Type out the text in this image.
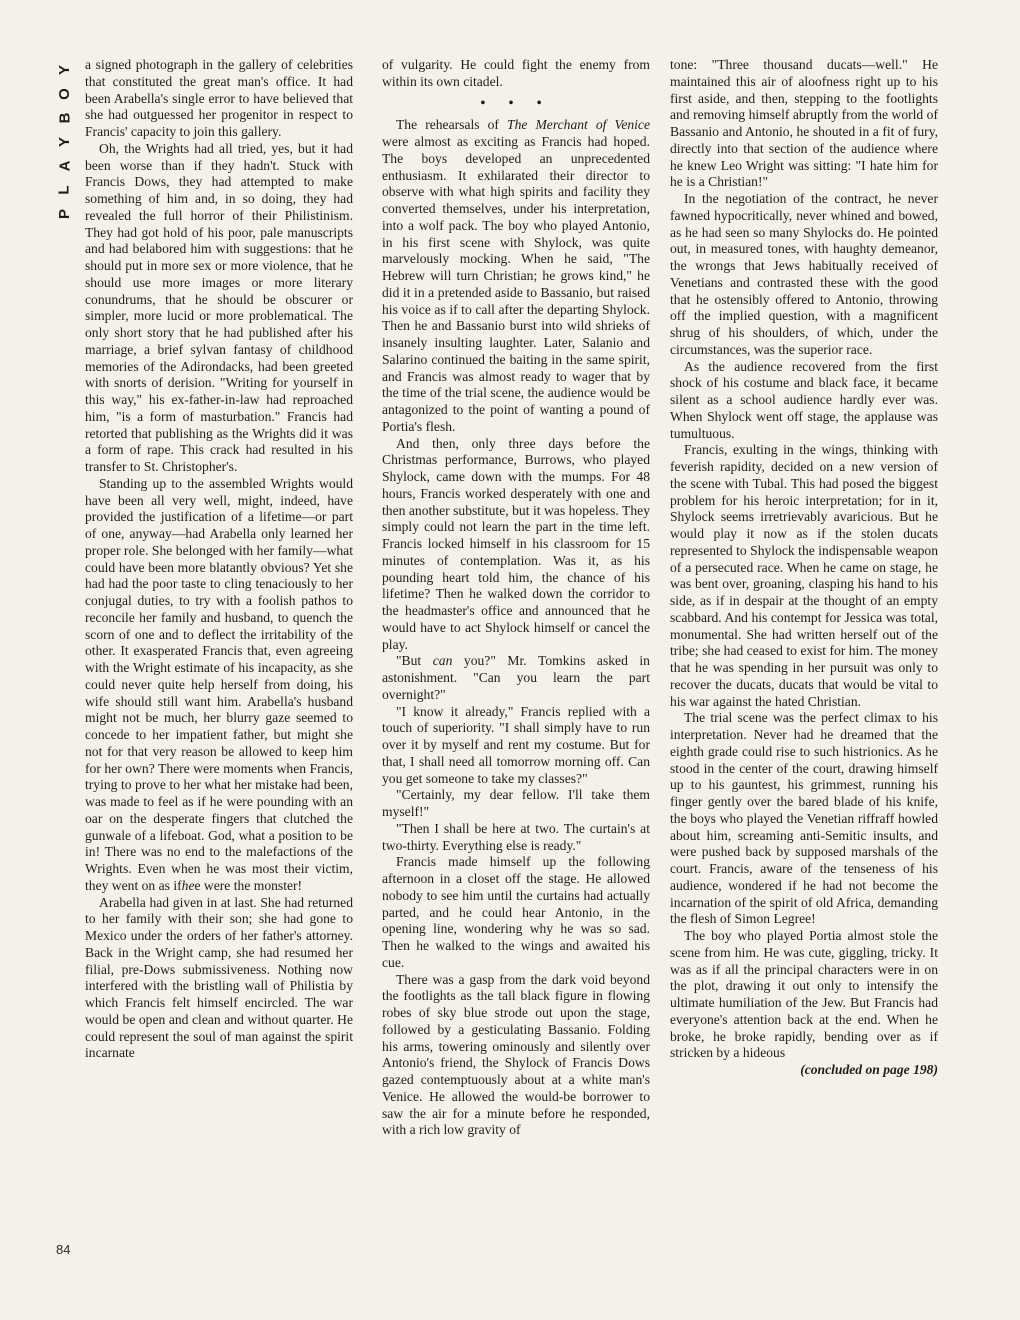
Y
O
B
Y
A
L
P

a signed photograph in the gallery of celebrities that constituted the great man's office. It had been Arabella's single error to have believed that she had outguessed her progenitor in respect to Francis' capacity to join this gallery.

Oh, the Wrights had all tried, yes, but it had been worse than if they hadn't. Stuck with Francis Dows, they had attempted to make something of him and, in so doing, they had revealed the full horror of their Philistinism. They had got hold of his poor, pale manuscripts and had belabored him with suggestions: that he should put in more sex or more violence, that he should use more images or more literary conundrums, that he should be obscurer or simpler, more lucid or more problematical. The only short story that he had published after his marriage, a brief sylvan fantasy of childhood memories of the Adirondacks, had been greeted with snorts of derision. "Writing for yourself in this way," his ex-father-in-law had reproached him, "is a form of masturbation." Francis had retorted that publishing as the Wrights did it was a form of rape. This crack had resulted in his transfer to St. Christopher's.

Standing up to the assembled Wrights would have been all very well, might, indeed, have provided the justification of a lifetime—or part of one, anyway—had Arabella only learned her proper role. She belonged with her family—what could have been more blatantly obvious? Yet she had had the poor taste to cling tenaciously to her conjugal duties, to try with a foolish pathos to reconcile her family and husband, to quench the scorn of one and to deflect the irritability of the other. It exasperated Francis that, even agreeing with the Wright estimate of his incapacity, as she could never quite help herself from doing, his wife should still want him. Arabella's husband might not be much, her blurry gaze seemed to concede to her impatient father, but might she not for that very reason be allowed to keep him for her own? There were moments when Francis, trying to prove to her what her mistake had been, was made to feel as if he were pounding with an oar on the desperate fingers that clutched the gunwale of a lifeboat. God, what a position to be in! There was no end to the malefactions of the Wrights. Even when he was most their victim, they went on as ifhee were the monster!

Arabella had given in at last. She had returned to her family with their son; she had gone to Mexico under the orders of her father's attorney. Back in the Wright camp, she had resumed her filial, pre-Dows submissiveness. Nothing now interfered with the bristling wall of Philistia by which Francis felt himself encircled. The war would be open and clean and without quarter. He could represent the soul of man against the spirit incarnate

of vulgarity. He could fight the enemy from within its own citadel.

• • •

The rehearsals of The Merchant of Venice were almost as exciting as Francis had hoped. The boys developed an unprecedented enthusiasm. It exhilarated their director to observe with what high spirits and facility they converted themselves, under his interpretation, into a wolf pack. The boy who played Antonio, in his first scene with Shylock, was quite marvelously mocking. When he said, "The Hebrew will turn Christian; he grows kind," he did it in a pretended aside to Bassanio, but raised his voice as if to call after the departing Shylock. Then he and Bassanio burst into wild shrieks of insanely insulting laughter. Later, Salanio and Salarino continued the baiting in the same spirit, and Francis was almost ready to wager that by the time of the trial scene, the audience would be antagonized to the point of wanting a pound of Portia's flesh.

And then, only three days before the Christmas performance, Burrows, who played Shylock, came down with the mumps. For 48 hours, Francis worked desperately with one and then another substitute, but it was hopeless. They simply could not learn the part in the time left. Francis locked himself in his classroom for 15 minutes of contemplation. Was it, as his pounding heart told him, the chance of his lifetime? Then he walked down the corridor to the headmaster's office and announced that he would have to act Shylock himself or cancel the play.

"But can you?" Mr. Tomkins asked in astonishment. "Can you learn the part overnight?"

"I know it already," Francis replied with a touch of superiority. "I shall simply have to run over it by myself and rent my costume. But for that, I shall need all tomorrow morning off. Can you get someone to take my classes?"

"Certainly, my dear fellow. I'll take them myself!"

"Then I shall be here at two. The curtain's at two-thirty. Everything else is ready."

Francis made himself up the following afternoon in a closet off the stage. He allowed nobody to see him until the curtains had actually parted, and he could hear Antonio, in the opening line, wondering why he was so sad. Then he walked to the wings and awaited his cue.

There was a gasp from the dark void beyond the footlights as the tall black figure in flowing robes of sky blue strode out upon the stage, followed by a gesticulating Bassanio. Folding his arms, towering ominously and silently over Antonio's friend, the Shylock of Francis Dows gazed contemptuously about at a white man's Venice. He allowed the would-be borrower to saw the air for a minute before he responded, with a rich low gravity of

tone: "Three thousand ducats—well." He maintained this air of aloofness right up to his first aside, and then, stepping to the footlights and removing himself abruptly from the world of Bassanio and Antonio, he shouted in a fit of fury, directly into that section of the audience where he knew Leo Wright was sitting: "I hate him for he is a Christian!"

In the negotiation of the contract, he never fawned hypocritically, never whined and bowed, as he had seen so many Shylocks do. He pointed out, in measured tones, with haughty demeanor, the wrongs that Jews habitually received of Venetians and contrasted these with the good that he ostensibly offered to Antonio, throwing off the implied question, with a magnificent shrug of his shoulders, of which, under the circumstances, was the superior race.

As the audience recovered from the first shock of his costume and black face, it became silent as a school audience hardly ever was. When Shylock went off stage, the applause was tumultuous.

Francis, exulting in the wings, thinking with feverish rapidity, decided on a new version of the scene with Tubal. This had posed the biggest problem for his heroic interpretation; for in it, Shylock seems irretrievably avaricious. But he would play it now as if the stolen ducats represented to Shylock the indispensable weapon of a persecuted race. When he came on stage, he was bent over, groaning, clasping his hand to his side, as if in despair at the thought of an empty scabbard. And his contempt for Jessica was total, monumental. She had written herself out of the tribe; she had ceased to exist for him. The money that he was spending in her pursuit was only to recover the ducats, ducats that would be vital to his war against the hated Christian.

The trial scene was the perfect climax to his interpretation. Never had he dreamed that the eighth grade could rise to such histrionics. As he stood in the center of the court, drawing himself up to his gauntest, his grimmest, running his finger gently over the bared blade of his knife, the boys who played the Venetian riffraff howled about him, screaming anti-Semitic insults, and were pushed back by supposed marshals of the court. Francis, aware of the tenseness of his audience, wondered if he had not become the incarnation of the spirit of old Africa, demanding the flesh of Simon Legree!

The boy who played Portia almost stole the scene from him. He was cute, giggling, tricky. It was as if all the principal characters were in on the plot, drawing it out only to intensify the ultimate humiliation of the Jew. But Francis had everyone's attention back at the end. When he broke, he broke rapidly, bending over as if stricken by a hideous

(concluded on page 198)

84
